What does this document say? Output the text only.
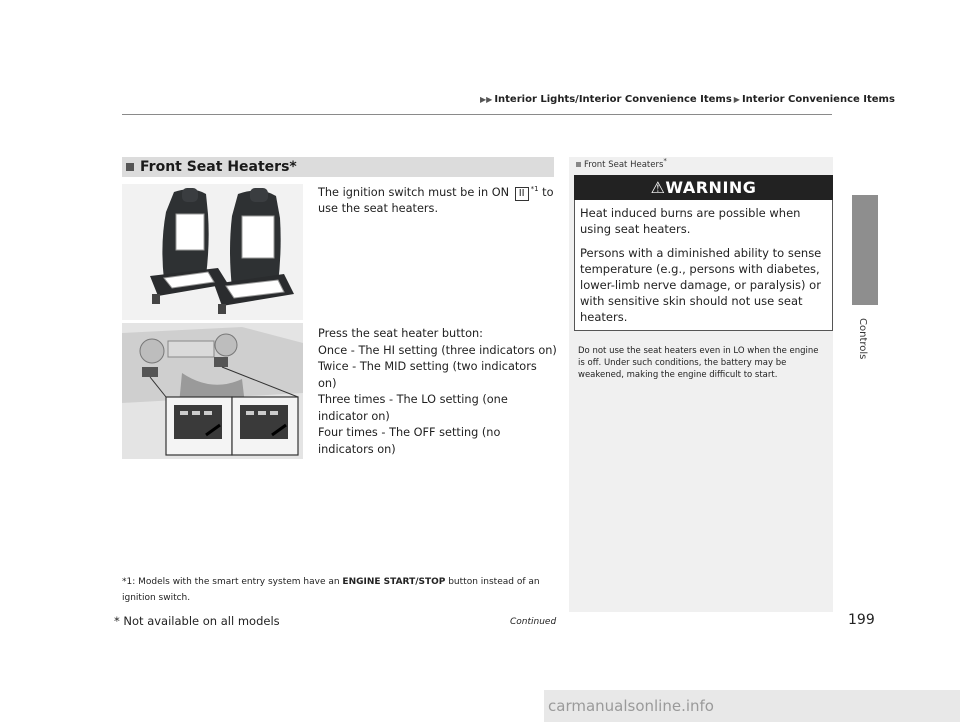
▶▶ Interior Lights/Interior Convenience Items ▶ Interior Convenience Items
Controls
Front Seat Heaters*
The ignition switch must be in ON II $^{*1}$ to use the seat heaters.
Press the seat heater button:
Once - The HI setting (three indicators on)
Twice - The MID setting (two indicators on)
Three times - The LO setting (one indicator on)
Four times - The OFF setting (no indicators on)
*1: Models with the smart entry system have an ENGINE START/STOP button instead of an ignition switch.
Front Seat Heaters*
⚠WARNING

Heat induced burns are possible when using seat heaters.

Persons with a diminished ability to sense temperature (e.g., persons with diabetes, lower-limb nerve damage, or paralysis) or with sensitive skin should not use seat heaters.

Do not use the seat heaters even in LO when the engine is off. Under such conditions, the battery may be weakened, making the engine difficult to start.
Continued	199
* Not available on all models
carmanualsonline.info
